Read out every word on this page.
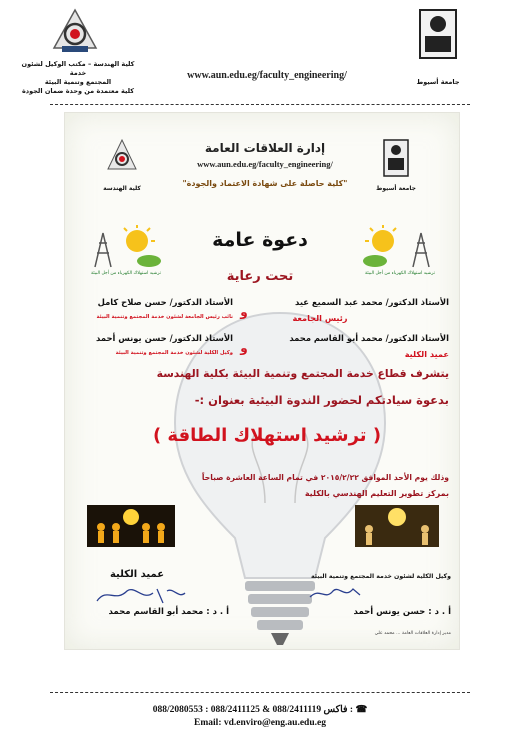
كلية الهندسة – مكتب الوكيل لشئون خدمة
المجتمع وتنمية البيئة
كلية معتمدة من وحدة ضمان الجودة
جامعة أسيوط
www.aun.edu.eg/faculty_engineering/
كلية الهندسة	جامعة أسيوط
إدارة العلاقات العامة
www.aun.edu.eg/faculty_engineering/
"كلية حاصلة على شهادة الاعتماد والجودة"
ترشيد استهلاك الكهرباء من أجل البيئة	ترشيد استهلاك الكهرباء من أجل البيئة
دعوة عامة
تحت رعاية
الأستاذ الدكتور/ محمد عبد السميع عيد
رئيس الجامعة
و
الأستاذ الدكتور/ حسن صلاح كامل
نائب رئيس الجامعة لشئون خدمة المجتمع وتنمية البيئة
الأستاذ الدكتور/ محمد أبو القاسم محمد
عميد الكلية
و
الأستاذ الدكتور/ حسن يونس أحمد
وكيل الكلية لشئون خدمة المجتمع وتنمية البيئة
يتشرف قطاع خدمة المجتمع وتنمية البيئة بكلية الهندسة
بدعوة سيادتكم لحضور الندوة البيئية بعنوان :-
( ترشيد استهلاك الطاقة )
وذلك يوم الأحد الموافق ٢٠١٥/٢/٢٢ في تمام الساعة العاشرة صباحاً
بمركز تطوير التعليم الهندسي بالكلية
وكيل الكلية لشئون خدمة المجتمع وتنمية البيئة
أ . د : حسن يونس أحمد
عميد الكلية
أ . د : محمد أبو القاسم محمد
مدير إدارة العلاقات العامة ... محمد علي
088/2080553 : فاكس 088/2411119 & 088/2411125 : ☎
Email: vd.enviro@eng.au.edu.eg
